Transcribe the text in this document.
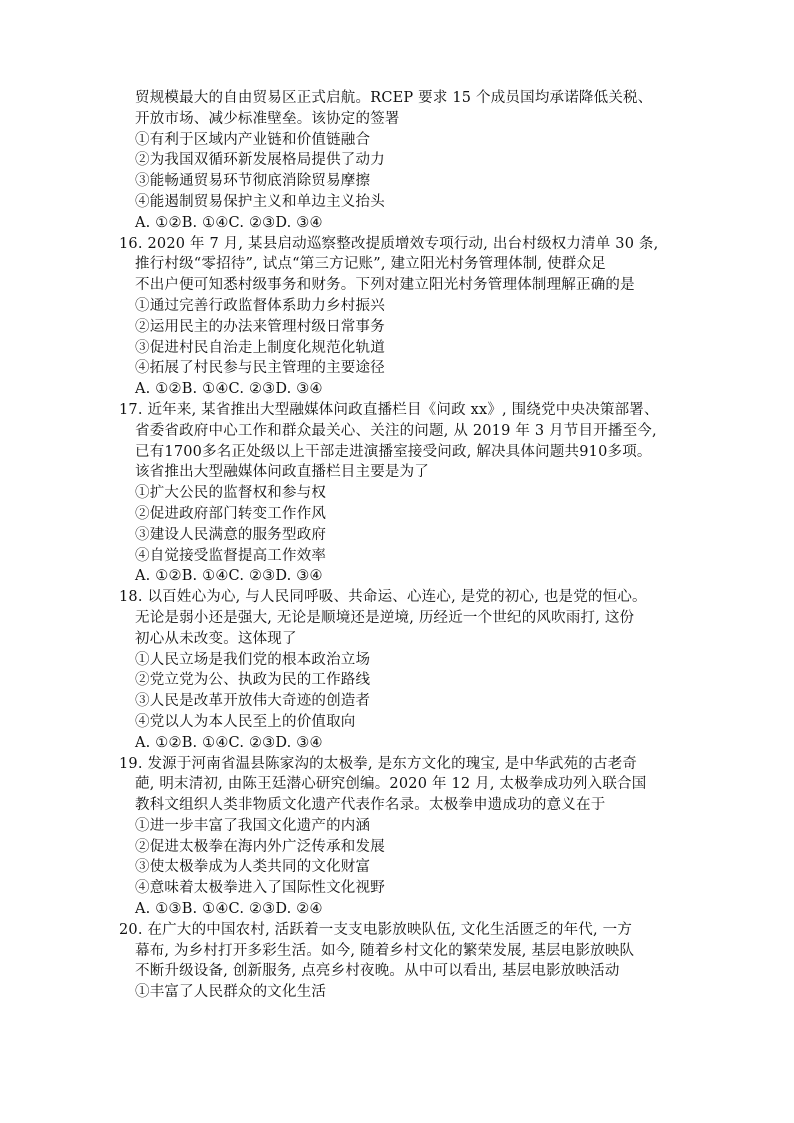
贸规模最大的自由贸易区正式启航。RCEP 要求 15 个成员国均承诺降低关税、
开放市场、减少标准壁垒。该协定的签署
①有利于区域内产业链和价值链融合
②为我国双循环新发展格局提供了动力
③能畅通贸易环节彻底消除贸易摩擦
④能遏制贸易保护主义和单边主义抬头
A. ①②B. ①④C. ②③D. ③④
16. 2020 年 7 月, 某县启动巡察整改提质增效专项行动, 出台村级权力清单 30 条,
推行村级“零招待”, 试点“第三方记账”, 建立阳光村务管理体制, 使群众足
不出户便可知悉村级事务和财务。下列对建立阳光村务管理体制理解正确的是
①通过完善行政监督体系助力乡村振兴
②运用民主的办法来管理村级日常事务
③促进村民自治走上制度化规范化轨道
④拓展了村民参与民主管理的主要途径
A. ①②B. ①④C. ②③D. ③④
17. 近年来, 某省推出大型融媒体问政直播栏目《问政 xx》, 围绕党中央决策部署、
省委省政府中心工作和群众最关心、关注的问题, 从 2019 年 3 月节目开播至今,
已有1700多名正处级以上干部走进演播室接受问政, 解决具体问题共910多项。
该省推出大型融媒体问政直播栏目主要是为了
①扩大公民的监督权和参与权
②促进政府部门转变工作作风
③建设人民满意的服务型政府
④自觉接受监督提高工作效率
A. ①②B. ①④C. ②③D. ③④
18. 以百姓心为心, 与人民同呼吸、共命运、心连心, 是党的初心, 也是党的恒心。
无论是弱小还是强大, 无论是顺境还是逆境, 历经近一个世纪的风吹雨打, 这份
初心从未改变。这体现了
①人民立场是我们党的根本政治立场
②党立党为公、执政为民的工作路线
③人民是改革开放伟大奇迹的创造者
④党以人为本人民至上的价值取向
A. ①②B. ①④C. ②③D. ③④
19. 发源于河南省温县陈家沟的太极拳, 是东方文化的瑰宝, 是中华武苑的古老奇
葩, 明末清初, 由陈王廷潜心研究创编。2020 年 12 月, 太极拳成功列入联合国
教科文组织人类非物质文化遗产代表作名录。太极拳申遗成功的意义在于
①进一步丰富了我国文化遗产的内涵
②促进太极拳在海内外广泛传承和发展
③使太极拳成为人类共同的文化财富
④意味着太极拳进入了国际性文化视野
A. ①③B. ①④C. ②③D. ②④
20. 在广大的中国农村, 活跃着一支支电影放映队伍, 文化生活匮乏的年代, 一方
幕布, 为乡村打开多彩生活。如今, 随着乡村文化的繁荣发展, 基层电影放映队
不断升级设备, 创新服务, 点亮乡村夜晚。从中可以看出, 基层电影放映活动
①丰富了人民群众的文化生活
